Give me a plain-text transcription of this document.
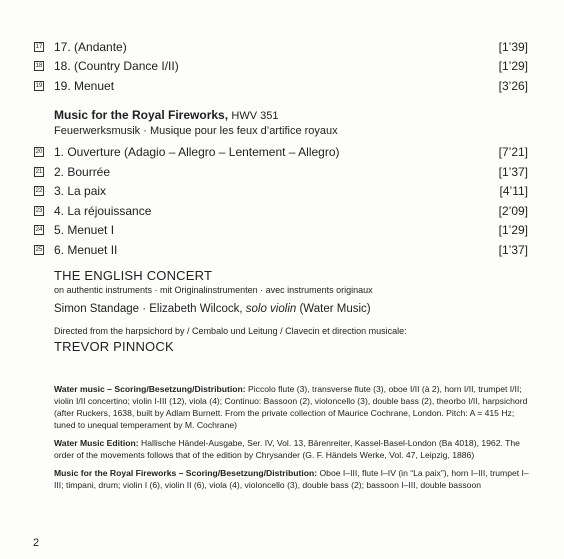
17 17. (Andante)	[1’39]
18 18. (Country Dance I/II)	[1’29]
19 19. Menuet	[3’26]
Music for the Royal Fireworks, HWV 351
Feuerwerksmusik · Musique pour les feux d’artifice royaux
20 1. Ouverture (Adagio – Allegro – Lentement – Allegro)	[7’21]
21 2. Bourrée	[1’37]
22 3. La paix	[4’11]
23 4. La réjouissance	[2’09]
24 5. Menuet I	[1’29]
25 6. Menuet II	[1’37]
THE ENGLISH CONCERT
on authentic instruments · mit Originalinstrumenten · avec instruments originaux
Simon Standage · Elizabeth Wilcock, solo violin (Water Music)
Directed from the harpsichord by / Cembalo und Leitung / Clavecin et direction musicale:
TREVOR PINNOCK
Water music – Scoring/Besetzung/Distribution: Piccolo flute (3), transverse flute (3), oboe I/II (à 2), horn I/II, trumpet I/II; violin I/II concertino; violin I-III (12), viola (4); Continuo: Bassoon (2), violoncello (3), double bass (2), theorbo I/II, harpsichord (after Ruckers, 1638, built by Adlam Burnett. From the private collection of Maurice Cochrane, London. Pitch: A = 415 Hz; tuned to unequal temperament by M. Cochrane)
Water Music Edition: Hallische Händel-Ausgabe, Ser. IV, Vol. 13, Bärenreiter, Kassel-Basel-London (Ba 4018), 1962. The order of the movements follows that of the edition by Chrysander (G. F. Händels Werke, Vol. 47, Leipzig, 1886)
Music for the Royal Fireworks – Scoring/Besetzung/Distribution: Oboe I–III, flute I–IV (in “La paix”), horn I–III, trumpet I–III; timpani, drum; violin I (6), violin II (6), viola (4), violoncello (3), double bass (2); bassoon I–III, double bassoon
2
